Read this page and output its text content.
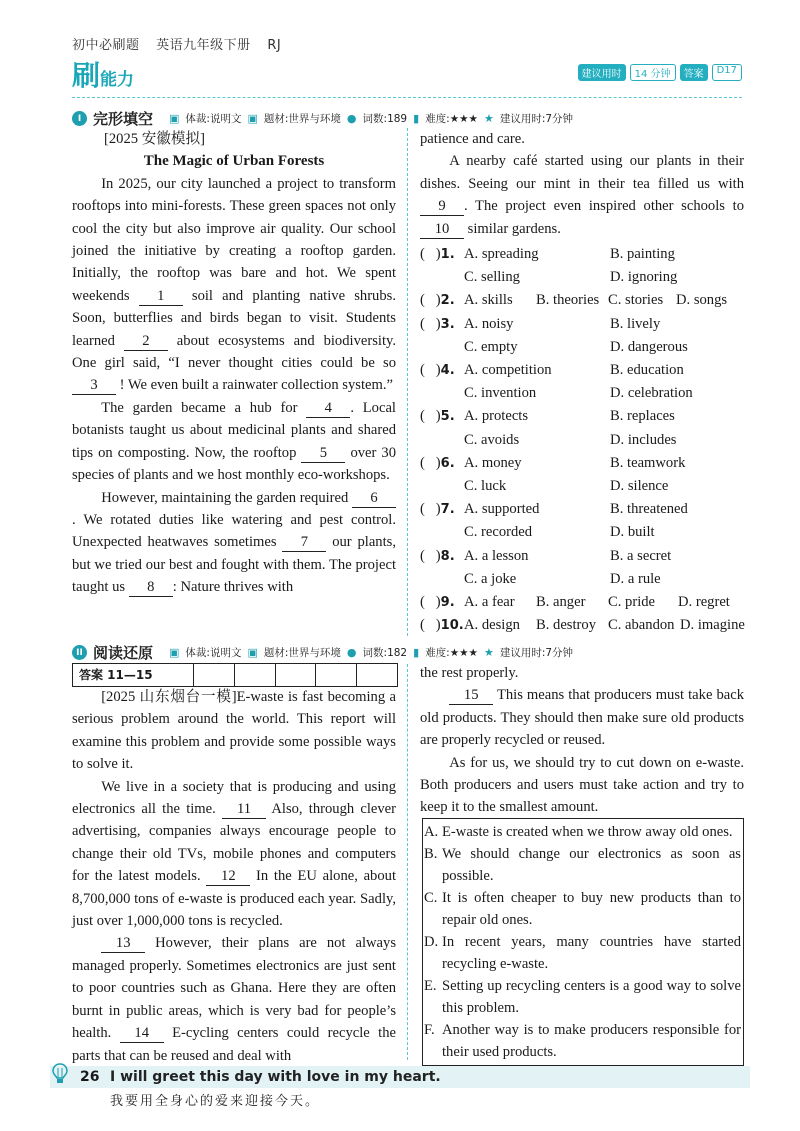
初中必刷题 英语九年级下册 RJ
刷能力	建议用时	14 分钟	答案	D17
I 完形填空 ▣ 体裁:说明文 ▣ 题材:世界与环境 ● 词数:189 ▮ 难度:★★★ ★ 建议用时:7分钟

[2025 安徽模拟]

The Magic of Urban Forests

In 2025, our city launched a project to transform rooftops into mini-forests. These green spaces not only cool the city but also improve air quality. Our school joined the initiative by creating a rooftop garden. Initially, the rooftop was bare and hot. We spent weekends 1 soil and planting native shrubs. Soon, butterflies and birds began to visit. Students learned 2 about ecosystems and biodiversity. One girl said, “I never thought cities could be so 3 ! We even built a rainwater collection system.”

The garden became a hub for 4 . Local botanists taught us about medicinal plants and shared tips on composting. Now, the rooftop 5 over 30 species of plants and we host monthly eco-workshops.

However, maintaining the garden required 6. We rotated duties like watering and pest control. Unexpected heatwaves sometimes 7 our plants, but we tried our best and fought with them. The project taught us 8 : Nature thrives with

patience and care.

A nearby café started using our plants in their dishes. Seeing our mint in their tea filled us with 9 . The project even inspired other schools to 10 similar gardens.

(   )1. A. spreading	B. painting
C. selling	D. ignoring
(   )2. A. skills	B. theories C. stories D. songs
(   )3. A. noisy	B. lively
C. empty	D. dangerous
(   )4. A. competition	B. education
C. invention	D. celebration
(   )5. A. protects	B. replaces
C. avoids	D. includes
(   )6. A. money	B. teamwork
C. luck	D. silence
(   )7. A. supported	B. threatened
C. recorded	D. built
(   )8. A. a lesson	B. a secret
C. a joke	D. a rule
(   )9. A. a fear	B. anger	C. pride	D. regret
(   )10. A. design	B. destroy C. abandon D. imagine
II 阅读还原 ▣ 体裁:说明文 ▣ 题材:世界与环境 ● 词数:182 ▮ 难度:★★★ ★ 建议用时:7分钟
答案 11—15

[2025 山东烟台一模]E-waste is fast becoming a serious problem around the world. This report will examine this problem and provide some possible ways to solve it.

We live in a society that is producing and using electronics all the time. 11 Also, through clever advertising, companies always encourage people to change their old TVs, mobile phones and computers for the latest models. 12 In the EU alone, about 8,700,000 tons of e-waste is produced each year. Sadly, just over 1,000,000 tons is recycled.

13 However, their plans are not always managed properly. Sometimes electronics are just sent to poor countries such as Ghana. Here they are often burnt in public areas, which is very bad for people’s health. 14 E-cycling centers could recycle the parts that can be reused and deal with

the rest properly.

15 This means that producers must take back old products. They should then make sure old products are properly recycled or reused.

As for us, we should try to cut down on e-waste. Both producers and users must take action and try to keep it to the smallest amount.

A. E-waste is created when we throw away old ones.
B. We should change our electronics as soon as possible.
C. It is often cheaper to buy new products than to repair old ones.
D. In recent years, many countries have started recycling e-waste.
E. Setting up recycling centers is a good way to solve this problem.
F. Another way is to make producers responsible for their used products.
26 I will greet this day with love in my heart.
我要用全身心的爱来迎接今天。
